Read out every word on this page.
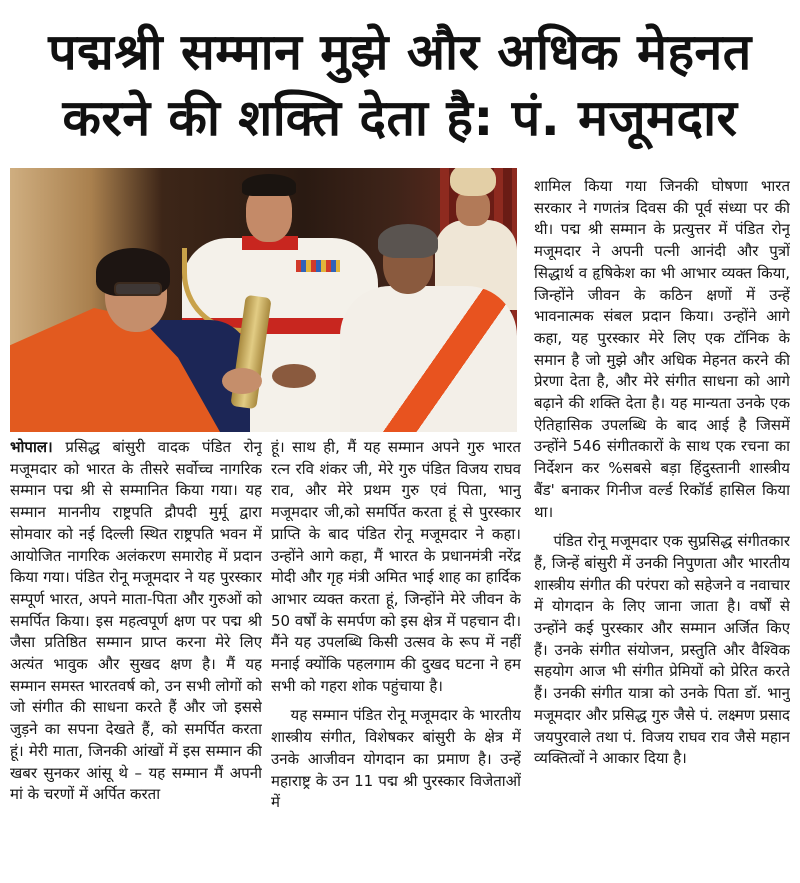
पद्मश्री सम्मान मुझे और अधिक मेहनत
करने की शक्ति देता है: पं. मजूमदार

भोपाल। प्रसिद्ध बांसुरी वादक पंडित रोनू मजूमदार को भारत के तीसरे सर्वोच्च नागरिक सम्मान पद्म श्री से सम्मानित किया गया। यह सम्मान माननीय राष्ट्रपति द्रौपदी मुर्मू द्वारा सोमवार को नई दिल्ली स्थित राष्ट्रपति भवन में आयोजित नागरिक अलंकरण समारोह में प्रदान किया गया। पंडित रोनू मजूमदार ने यह पुरस्कार सम्पूर्ण भारत, अपने माता-पिता और गुरुओं को समर्पित किया। इस महत्वपूर्ण क्षण पर पद्म श्री जैसा प्रतिष्ठित सम्मान प्राप्त करना मेरे लिए अत्यंत भावुक और सुखद क्षण है। मैं यह सम्मान समस्त भारतवर्ष को, उन सभी लोगों को जो संगीत की साधना करते हैं और जो इससे जुड़ने का सपना देखते हैं, को समर्पित करता हूं। मेरी माता, जिनकी आंखों में इस सम्मान की खबर सुनकर आंसू थे – यह सम्मान मैं अपनी मां के चरणों में अर्पित करता

हूं। साथ ही, मैं यह सम्मान अपने गुरु भारत रत्न रवि शंकर जी, मेरे गुरु पंडित विजय राघव राव, और मेरे प्रथम गुरु एवं पिता, भानु मजूमदार जी,को समर्पित करता हूं से पुरस्कार प्राप्ति के बाद पंडित रोनू मजूमदार ने कहा। उन्होंने आगे कहा, मैं भारत के प्रधानमंत्री नरेंद्र मोदी और गृह मंत्री अमित भाई शाह का हार्दिक आभार व्यक्त करता हूं, जिन्होंने मेरे जीवन के 50 वर्षों के समर्पण को इस क्षेत्र में पहचान दी। मैंने यह उपलब्धि किसी उत्सव के रूप में नहीं मनाई क्योंकि पहलगाम की दुखद घटना ने हम सभी को गहरा शोक पहुंचाया है।

यह सम्मान पंडित रोनू मजूमदार के भारतीय शास्त्रीय संगीत, विशेषकर बांसुरी के क्षेत्र में उनके आजीवन योगदान का प्रमाण है। उन्हें महाराष्ट्र के उन 11 पद्म श्री पुरस्कार विजेताओं में

शामिल किया गया जिनकी घोषणा भारत सरकार ने गणतंत्र दिवस की पूर्व संध्या पर की थी। पद्म श्री सम्मान के प्रत्युत्तर में पंडित रोनू मजूमदार ने अपनी पत्नी आनंदी और पुत्रों सिद्धार्थ व हृषिकेश का भी आभार व्यक्त किया, जिन्होंने जीवन के कठिन क्षणों में उन्हें भावनात्मक संबल प्रदान किया। उन्होंने आगे कहा, यह पुरस्कार मेरे लिए एक टॉनिक के समान है जो मुझे और अधिक मेहनत करने की प्रेरणा देता है, और मेरे संगीत साधना को आगे बढ़ाने की शक्ति देता है। यह मान्यता उनके एक ऐतिहासिक उपलब्धि के बाद आई है जिसमें उन्होंने 546 संगीतकारों के साथ एक रचना का निर्देशन कर %सबसे बड़ा हिंदुस्तानी शास्त्रीय बैंड' बनाकर गिनीज वर्ल्ड रिकॉर्ड हासिल किया था।

पंडित रोनू मजूमदार एक सुप्रसिद्ध संगीतकार हैं, जिन्हें बांसुरी में उनकी निपुणता और भारतीय शास्त्रीय संगीत की परंपरा को सहेजने व नवाचार में योगदान के लिए जाना जाता है। वर्षों से उन्होंने कई पुरस्कार और सम्मान अर्जित किए हैं। उनके संगीत संयोजन, प्रस्तुति और वैश्विक सहयोग आज भी संगीत प्रेमियों को प्रेरित करते हैं। उनकी संगीत यात्रा को उनके पिता डॉ. भानु मजूमदार और प्रसिद्ध गुरु जैसे पं. लक्ष्मण प्रसाद जयपुरवाले तथा पं. विजय राघव राव जैसे महान व्यक्तित्वों ने आकार दिया है।
